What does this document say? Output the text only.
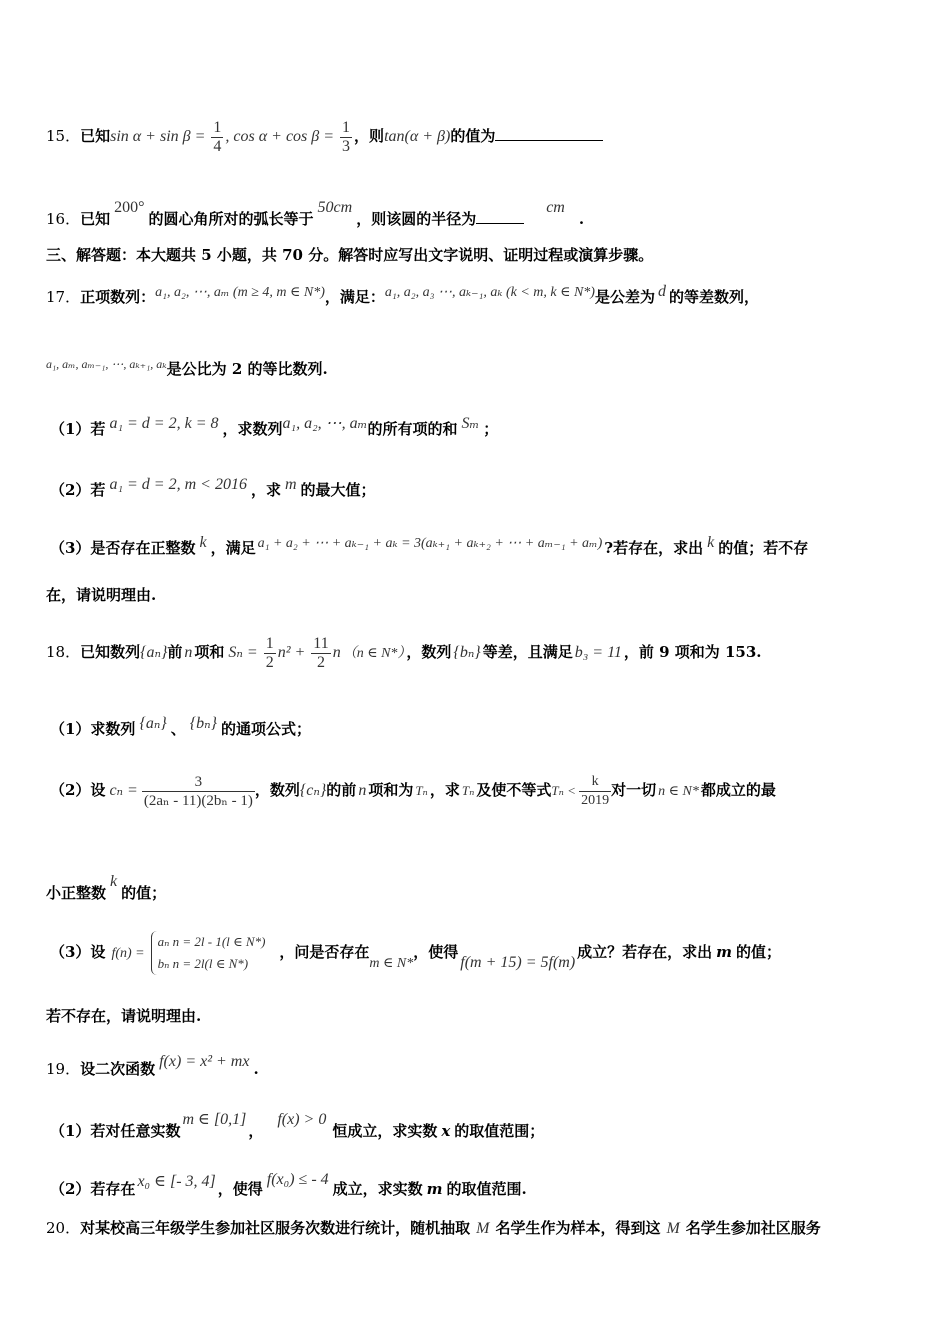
15．已知$\sin \alpha + \sin \beta = \frac{1}{4}$ , $\cos \alpha + \cos \beta = \frac{1}{3}$ ，则tan(α + β)的值为
16．已知200°的圆心角所对的弧长等于50cm，则该圆的半径为cm.
三、解答题：本大题共 5 小题，共 70 分。解答时应写出文字说明、证明过程或演算步骤。
17．正项数列：a₁, a₂, ⋯, aₘ (m ≥ 4, m ∈ N*)，满足：a₁, a₂, a₃ ⋯, aₖ₋₁, aₖ (k < m, k ∈ N*)是公差为 d 的等差数列，
$^{a_1, a_m, a_{m-1}, \cdots, a_{k+1}, a_k}$是公比为 2 的等比数列.
（1）若 a₁ = d = 2, k = 8 ，求数列a₁, a₂, ⋯, aₘ的所有项的和 Sₘ ；
（2）若 a₁ = d = 2, m < 2016 ，求 m 的最大值；
（3）是否存在正整数 k ，满足 a₁ + a₂ + ⋯ + aₖ₋₁ + aₖ = 3(aₖ₊₁ + aₖ₊₂ + ⋯ + aₘ₋₁ + aₘ) ?若存在，求出 k 的值；若不存
在，请说明理由.
18．已知数列{aₙ}前 n 项和 $S_n = \frac{1}{2} n^2 + \frac{11}{2}$ n （n ∈ N*） ，数列 {bₙ} 等差，且满足 b₃ = 11 ，前 9 项和为 153.
（1）求数列 {aₙ} 、 {bₙ} 的通项公式；
（2）设 $c_n = \frac{3}{\text{(2aₙ - 11)(2bₙ - 1)}}$ ，数列{cₙ}的前 n 项和为 Tₙ ，求 Tₙ 及使不等式$T_n < \frac{k}{2019}$ 对一切 n ∈ N* 都成立的最
小正整数k的值；
（3）设 f(n) =
aₙ n = 2l - 1(l ∈ N*)
bₙ n = 2l(l ∈ N*)
，问是否存在m ∈ N*，使得f(m + 15) = 5f(m)成立？若存在，求出 m 的值；
若不存在，请说明理由.
19．设二次函数 f(x) = x² + mx .
（1）若对任意实数m ∈ [0,1]，f(x) > 0恒成立，求实数 x 的取值范围；
（2）若存在 x₀ ∈ [- 3, 4] ，使得f(x₀) ≤ - 4成立，求实数 m 的取值范围.
20．对某校高三年级学生参加社区服务次数进行统计，随机抽取 M 名学生作为样本，得到这 M 名学生参加社区服务
